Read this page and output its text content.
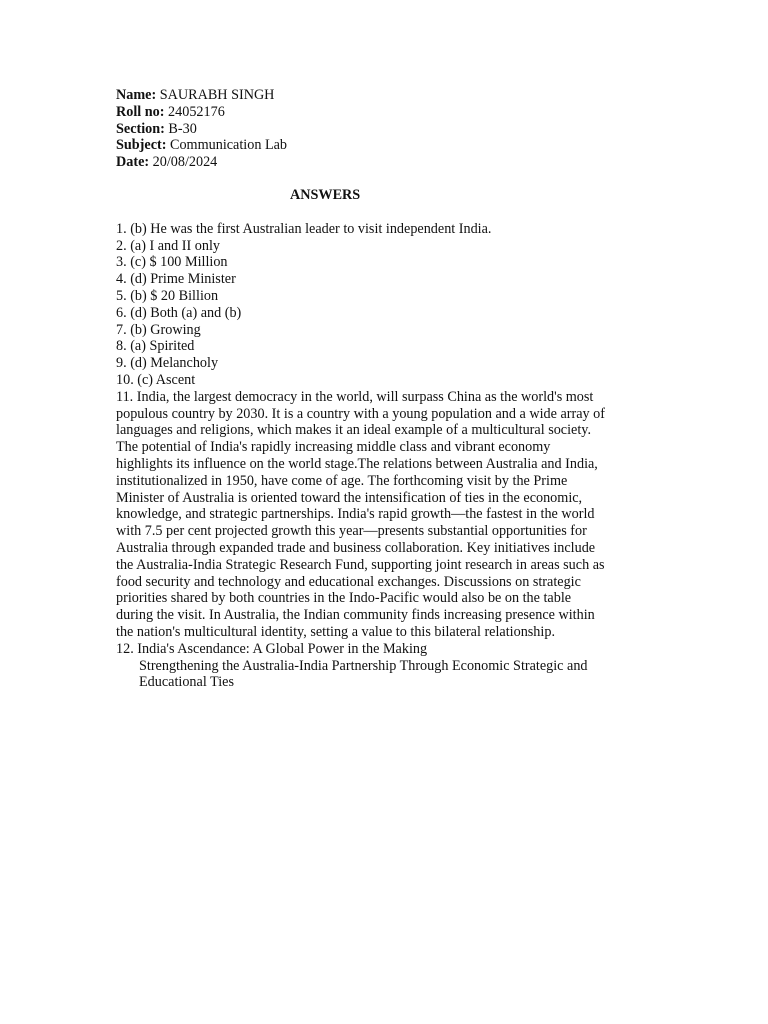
Name: SAURABH SINGH
Roll no: 24052176
Section: B-30
Subject: Communication Lab
Date: 20/08/2024
ANSWERS
1. (b) He was the first Australian leader to visit independent India.
2. (a) I and II only
3. (c) $ 100 Million
4. (d) Prime Minister
5. (b) $ 20 Billion
6. (d) Both (a) and (b)
7. (b) Growing
8. (a) Spirited
9. (d) Melancholy
10. (c) Ascent
11. India, the largest democracy in the world, will surpass China as the world's most
populous country by 2030. It is a country with a young population and a wide array of
languages and religions, which makes it an ideal example of a multicultural society.
The potential of India's rapidly increasing middle class and vibrant economy
highlights its influence on the world stage.The relations between Australia and India,
institutionalized in 1950, have come of age. The forthcoming visit by the Prime
Minister of Australia is oriented toward the intensification of ties in the economic,
knowledge, and strategic partnerships. India's rapid growth—the fastest in the world
with 7.5 per cent projected growth this year—presents substantial opportunities for
Australia through expanded trade and business collaboration. Key initiatives include
the Australia-India Strategic Research Fund, supporting joint research in areas such as
food security and technology and educational exchanges. Discussions on strategic
priorities shared by both countries in the Indo-Pacific would also be on the table
during the visit. In Australia, the Indian community finds increasing presence within
the nation's multicultural identity, setting a value to this bilateral relationship.
12. India's Ascendance: A Global Power in the Making
Strengthening the Australia-India Partnership Through Economic Strategic and
Educational Ties
